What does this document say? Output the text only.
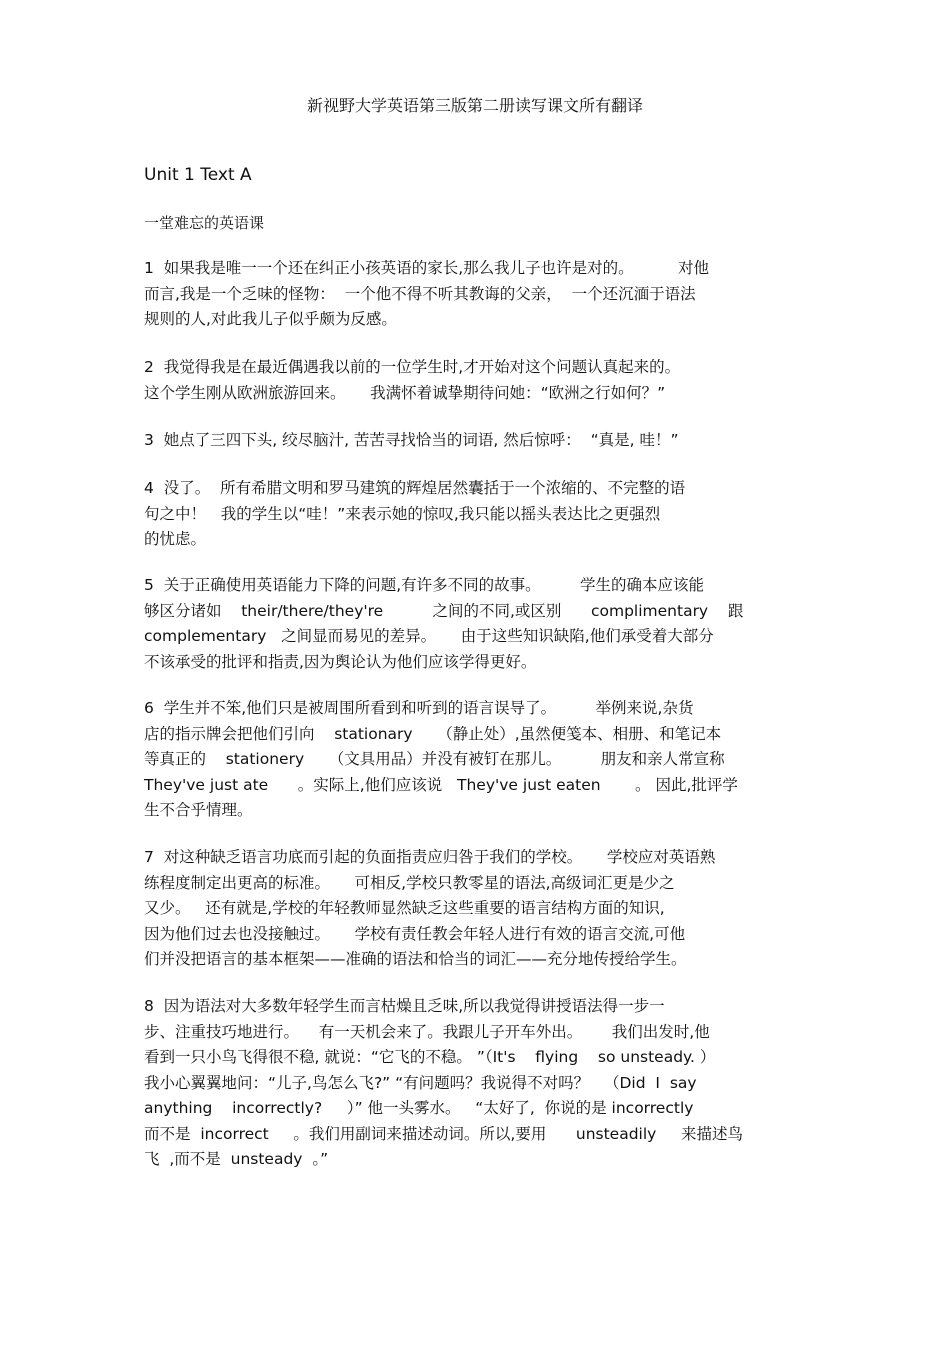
新视野大学英语第三版第二册读写课文所有翻译
Unit 1 Text A
一堂难忘的英语课
1  如果我是唯一一个还在纠正小孩英语的家长,那么我儿子也许是对的。         对他
而言,我是一个乏味的怪物：  一个他不得不听其教诲的父亲，  一个还沉湎于语法
规则的人,对此我儿子似乎颇为反感。
2  我觉得我是在最近偶遇我以前的一位学生时,才开始对这个问题认真起来的。
这个学生刚从欧洲旅游回来。     我满怀着诚挚期待问她：“欧洲之行如何？”
3  她点了三四下头, 绞尽脑汁, 苦苦寻找恰当的词语, 然后惊呼：  “真是, 哇！”
4  没了。  所有希腊文明和罗马建筑的辉煌居然囊括于一个浓缩的、不完整的语
句之中！   我的学生以“哇！”来表示她的惊叹,我只能以摇头表达比之更强烈
的忧虑。
5  关于正确使用英语能力下降的问题,有许多不同的故事。        学生的确本应该能
够区分诸如    their/there/they're          之间的不同,或区别      complimentary    跟
complementary   之间显而易见的差异。     由于这些知识缺陷,他们承受着大部分
不该承受的批评和指责,因为舆论认为他们应该学得更好。
6  学生并不笨,他们只是被周围所看到和听到的语言误导了。        举例来说,杂货
店的指示牌会把他们引向    stationary     （静止处）,虽然便笺本、相册、和笔记本
等真正的    stationery     （文具用品）并没有被钉在那儿。        朋友和亲人常宣称
They've just ate      。实际上,他们应该说   They've just eaten       。 因此,批评学
生不合乎情理。
7  对这种缺乏语言功底而引起的负面指责应归咎于我们的学校。     学校应对英语熟
练程度制定出更高的标准。     可相反,学校只教零星的语法,高级词汇更是少之
又少。   还有就是,学校的年轻教师显然缺乏这些重要的语言结构方面的知识,
因为他们过去也没接触过。     学校有责任教会年轻人进行有效的语言交流,可他
们并没把语言的基本框架——准确的语法和恰当的词汇——充分地传授给学生。
8  因为语法对大多数年轻学生而言枯燥且乏味,所以我觉得讲授语法得一步一
步、注重技巧地进行。    有一天机会来了。我跟儿子开车外出。      我们出发时,他
看到一只小鸟飞得很不稳, 就说：“它飞的不稳。 ”（It's    flying    so unsteady. ）
我小心翼翼地问：“儿子,鸟怎么飞?” “有问题吗？我说得不对吗？   （Did  I  say
anything    incorrectly?     ）” 他一头雾水。   “太好了,  你说的是 incorrectly
而不是  incorrect     。我们用副词来描述动词。所以,要用      unsteadily     来描述鸟
飞  ,而不是  unsteady  。”
